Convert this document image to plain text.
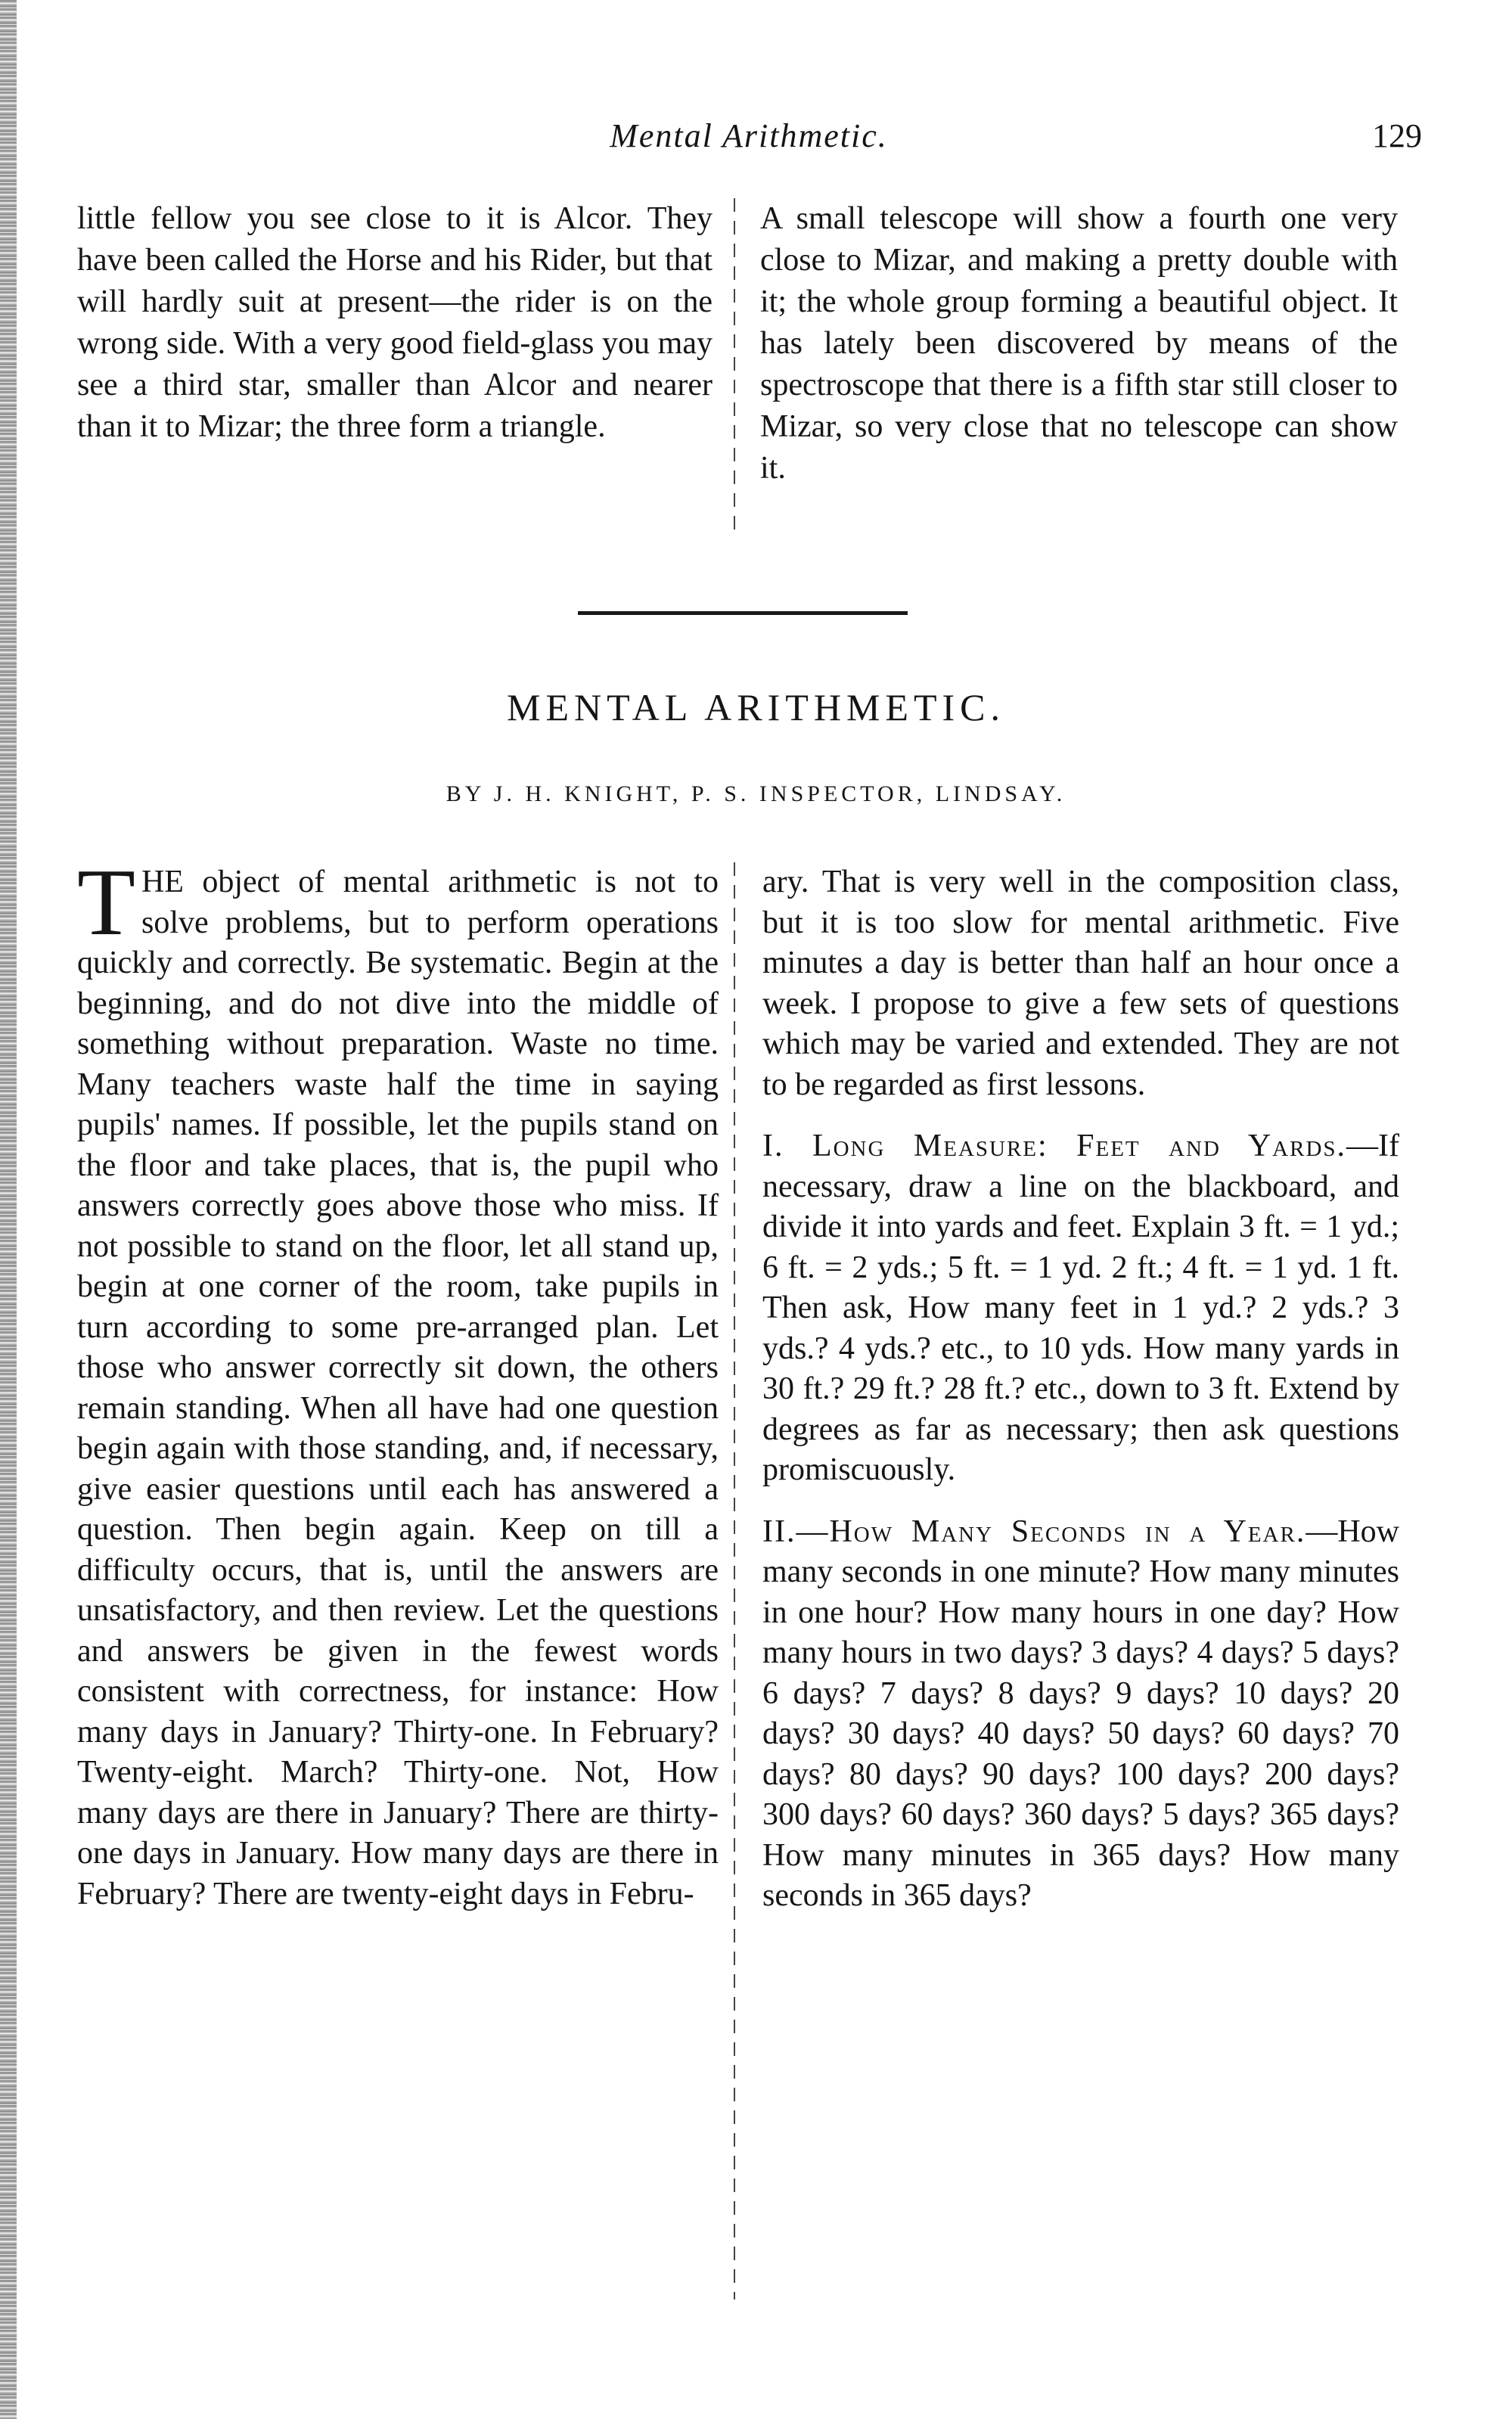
Mental Arithmetic.	129

little fellow you see close to it is Alcor. They have been called the Horse and his Rider, but that will hardly suit at present—the rider is on the wrong side. With a very good field-glass you may see a third star, smaller than Alcor and nearer than it to Mizar; the three form a triangle.

A small telescope will show a fourth one very close to Mizar, and making a pretty double with it; the whole group forming a beautiful object. It has lately been discovered by means of the spectroscope that there is a fifth star still closer to Mizar, so very close that no telescope can show it.

MENTAL ARITHMETIC.
BY J. H. KNIGHT, P. S. INSPECTOR, LINDSAY.

THE object of mental arithmetic is not to solve problems, but to perform operations quickly and correctly. Be systematic. Begin at the beginning, and do not dive into the middle of something without preparation. Waste no time. Many teachers waste half the time in saying pupils' names. If possible, let the pupils stand on the floor and take places, that is, the pupil who answers correctly goes above those who miss. If not possible to stand on the floor, let all stand up, begin at one corner of the room, take pupils in turn according to some pre-arranged plan. Let those who answer correctly sit down, the others remain standing. When all have had one question begin again with those standing, and, if necessary, give easier questions until each has answered a question. Then begin again. Keep on till a difficulty occurs, that is, until the answers are unsatisfactory, and then review. Let the questions and answers be given in the fewest words consistent with correctness, for instance: How many days in January? Thirty-one. In February? Twenty-eight. March? Thirty-one. Not, How many days are there in January? There are thirty-one days in January. How many days are there in February? There are twenty-eight days in Febru-

ary. That is very well in the composition class, but it is too slow for mental arithmetic. Five minutes a day is better than half an hour once a week. I propose to give a few sets of questions which may be varied and extended. They are not to be regarded as first lessons.

I. Long Measure: Feet and Yards.—If necessary, draw a line on the blackboard, and divide it into yards and feet. Explain 3 ft. = 1 yd.; 6 ft. = 2 yds.; 5 ft. = 1 yd. 2 ft.; 4 ft. = 1 yd. 1 ft. Then ask, How many feet in 1 yd.? 2 yds.? 3 yds.? 4 yds.? etc., to 10 yds. How many yards in 30 ft.? 29 ft.? 28 ft.? etc., down to 3 ft. Extend by degrees as far as necessary; then ask questions promiscuously.

II.—How Many Seconds in a Year.—How many seconds in one minute? How many minutes in one hour? How many hours in one day? How many hours in two days? 3 days? 4 days? 5 days? 6 days? 7 days? 8 days? 9 days? 10 days? 20 days? 30 days? 40 days? 50 days? 60 days? 70 days? 80 days? 90 days? 100 days? 200 days? 300 days? 60 days? 360 days? 5 days? 365 days? How many minutes in 365 days? How many seconds in 365 days?
